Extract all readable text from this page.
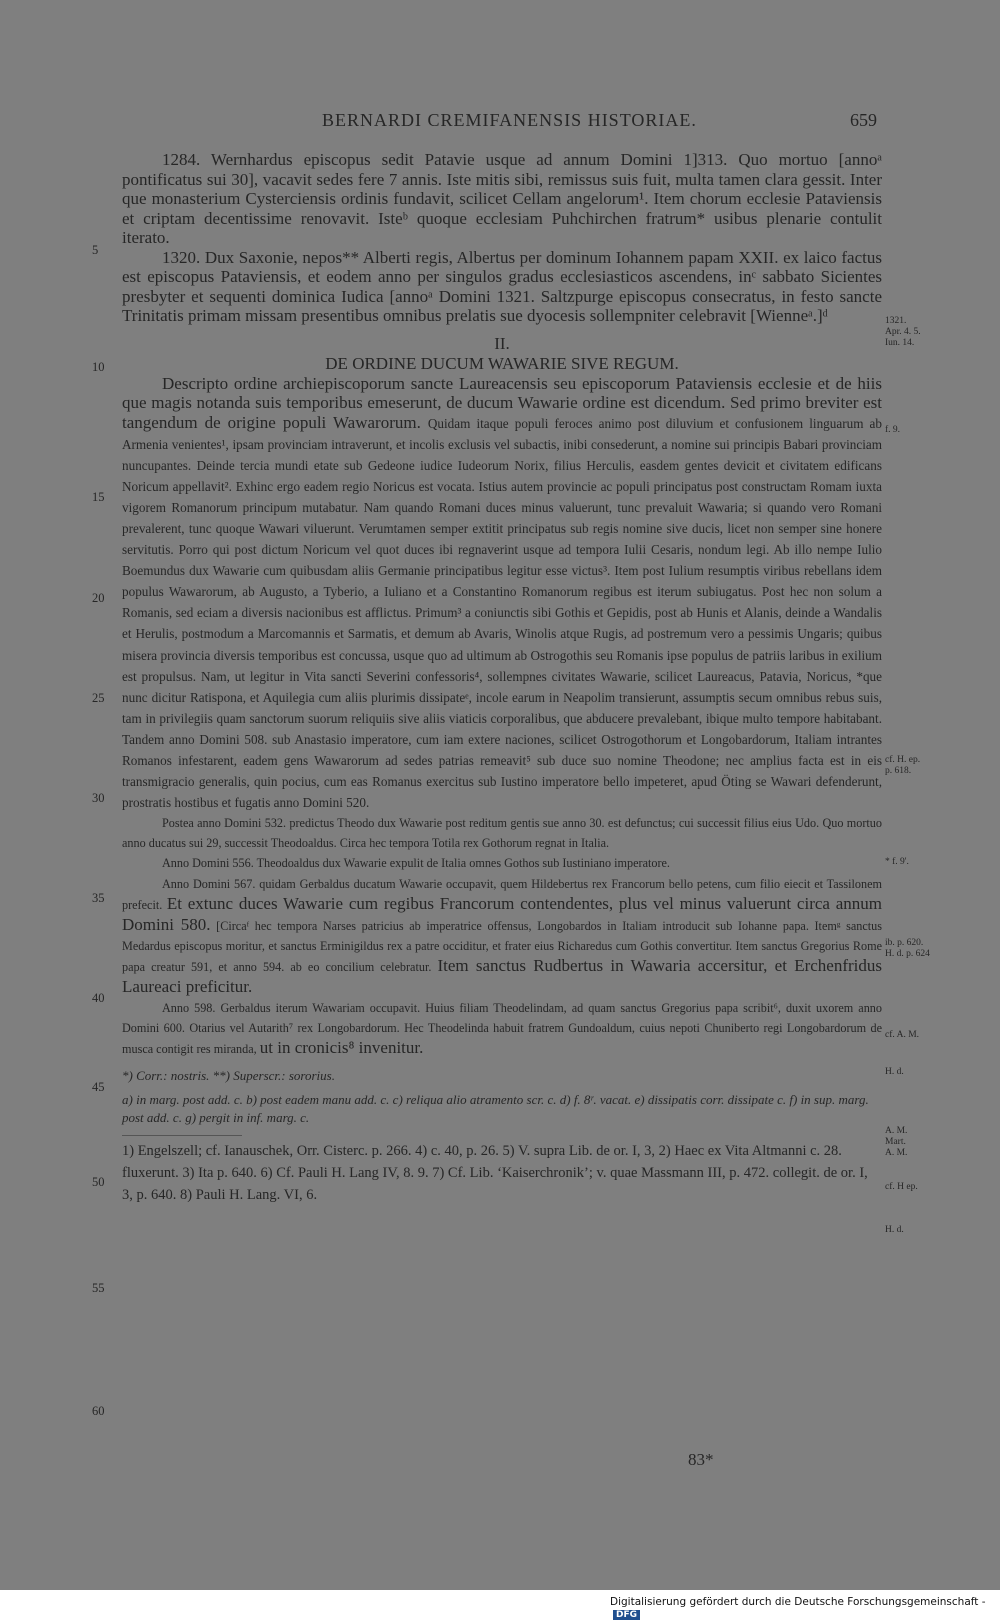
BERNARDI CREMIFANENSIS HISTORIAE.	659

1284. Wernhardus episcopus sedit Patavie usque ad annum Domini 1]313. Quo mortuo [annoᵃ pontificatus sui 30], vacavit sedes fere 7 annis. Iste mitis sibi, remissus suis fuit, multa tamen clara gessit. Inter que monasterium Cysterciensis ordinis fundavit, scilicet Cellam angelorum¹. Item chorum ecclesie Pataviensis et criptam decentissime renovavit. Isteᵇ quoque ecclesiam Puhchirchen fratrum* usibus plenarie contulit iterato.

1320. Dux Saxonie, nepos** Alberti regis, Albertus per dominum Iohannem papam XXII. ex laico factus est episcopus Pataviensis, et eodem anno per singulos gradus ecclesiasticos ascendens, inᶜ sabbato Sicientes presbyter et sequenti dominica Iudica [annoᵃ Domini 1321. Saltzpurge episcopus consecratus, in festo sancte Trinitatis primam missam presentibus omnibus prelatis sue dyocesis sollempniter celebravit [Wienneᵃ.]ᵈ

II.
DE ORDINE DUCUM WAWARIE SIVE REGUM.

Descripto ordine archiepiscoporum sancte Laureacensis seu episcoporum Pataviensis ecclesie et de hiis que magis notanda suis temporibus emeserunt, de ducum Wawarie ordine est dicendum. Sed primo breviter est tangendum de origine populi Wawarorum. Quidam itaque populi feroces animo post diluvium et confusionem linguarum ab Armenia venientes¹, ipsam provinciam intraverunt, et incolis exclusis vel subactis, inibi consederunt, a nomine sui principis Babari provinciam nuncupantes. Deinde tercia mundi etate sub Gedeone iudice Iudeorum Norix, filius Herculis, easdem gentes devicit et civitatem edificans Noricum appellavit². Exhinc ergo eadem regio Noricus est vocata. Istius autem provincie ac populi principatus post constructam Romam iuxta vigorem Romanorum principum mutabatur. Nam quando Romani duces minus valuerunt, tunc prevaluit Wawaria; si quando vero Romani prevalerent, tunc quoque Wawari viluerunt. Verumtamen semper extitit principatus sub regis nomine sive ducis, licet non semper sine honere servitutis. Porro qui post dictum Noricum vel quot duces ibi regnaverint usque ad tempora Iulii Cesaris, nondum legi. Ab illo nempe Iulio Boemundus dux Wawarie cum quibusdam aliis Germanie principatibus legitur esse victus³. Item post Iulium resumptis viribus rebellans idem populus Wawarorum, ab Augusto, a Tyberio, a Iuliano et a Constantino Romanorum regibus est iterum subiugatus. Post hec non solum a Romanis, sed eciam a diversis nacionibus est afflictus. Primum³ a coniunctis sibi Gothis et Gepidis, post ab Hunis et Alanis, deinde a Wandalis et Herulis, postmodum a Marcomannis et Sarmatis, et demum ab Avaris, Winolis atque Rugis, ad postremum vero a pessimis Ungaris; quibus misera provincia diversis temporibus est concussa, usque quo ad ultimum ab Ostrogothis seu Romanis ipse populus de patriis laribus in exilium est propulsus. Nam, ut legitur in Vita sancti Severini confessoris⁴, sollempnes civitates Wawarie, scilicet Laureacus, Patavia, Noricus, *que nunc dicitur Ratispona, et Aquilegia cum aliis plurimis dissipateᵉ, incole earum in Neapolim transierunt, assumptis secum omnibus rebus suis, tam in privilegiis quam sanctorum suorum reliquiis sive aliis viaticis corporalibus, que abducere prevalebant, ibique multo tempore habitabant. Tandem anno Domini 508. sub Anastasio imperatore, cum iam extere naciones, scilicet Ostrogothorum et Longobardorum, Italiam intrantes Romanos infestarent, eadem gens Wawarorum ad sedes patrias remeavit⁵ sub duce suo nomine Theodone; nec amplius facta est in eis transmigracio generalis, quin pocius, cum eas Romanus exercitus sub Iustino imperatore bello impeteret, apud Öting se Wawari defenderunt, prostratis hostibus et fugatis anno Domini 520.

Postea anno Domini 532. predictus Theodo dux Wawarie post reditum gentis sue anno 30. est defunctus; cui successit filius eius Udo. Quo mortuo anno ducatus sui 29, successit Theodoaldus. Circa hec tempora Totila rex Gothorum regnat in Italia.

Anno Domini 556. Theodoaldus dux Wawarie expulit de Italia omnes Gothos sub Iustiniano imperatore.

Anno Domini 567. quidam Gerbaldus ducatum Wawarie occupavit, quem Hildebertus rex Francorum bello petens, cum filio eiecit et Tassilonem prefecit. Et extunc duces Wawarie cum regibus Francorum contendentes, plus vel minus valuerunt circa annum Domini 580. [Circaᶠ hec tempora Narses patricius ab imperatrice offensus, Longobardos in Italiam introducit sub Iohanne papa. Itemᵍ sanctus Medardus episcopus moritur, et sanctus Erminigildus rex a patre occiditur, et frater eius Richaredus cum Gothis convertitur. Item sanctus Gregorius Rome papa creatur 591, et anno 594. ab eo concilium celebratur. Item sanctus Rudbertus in Wawaria accersitur, et Erchenfridus Laureaci preficitur.

Anno 598. Gerbaldus iterum Wawariam occupavit. Huius filiam Theodelindam, ad quam sanctus Gregorius papa scribit⁶, duxit uxorem anno Domini 600. Otarius vel Autarith⁷ rex Longobardorum. Hec Theodelinda habuit fratrem Gundoaldum, cuius nepoti Chuniberto regi Longobardorum de musca contigit res miranda, ut in cronicis⁸ invenitur.

*) Corr.: nostris. **) Superscr.: sororius.

a) in marg. post add. c. b) post eadem manu add. c. c) reliqua alio atramento scr. c. d) f. 8ʳ. vacat. e) dissipatis corr. dissipate c. f) in sup. marg. post add. c. g) pergit in inf. marg. c.

1) Engelszell; cf. Ianauschek, Orr. Cisterc. p. 266. 4) c. 40, p. 26. 5) V. supra Lib. de or. I, 3, 2) Haec ex Vita Altmanni c. 28. fluxerunt. 3) Ita p. 640. 6) Cf. Pauli H. Lang IV, 8. 9. 7) Cf. Lib. ‘Kaiserchronik’; v. quae Massmann III, p. 472. collegit. de or. I, 3, p. 640. 8) Pauli H. Lang. VI, 6.

5
10
15
20
25
30
35
40
45
50
55
60
1321.
Apr. 4. 5.
Iun. 14.
f. 9.
cf. H. ep.
p. 618.
* f. 9'.
ib. p. 620.
H. d. p. 624
cf. A. M.
H. d.
A. M.
Mart.
A. M.
cf. H ep.
H. d.
83*
Digitalisierung gefördert durch die Deutsche Forschungsgemeinschaft -DFG
